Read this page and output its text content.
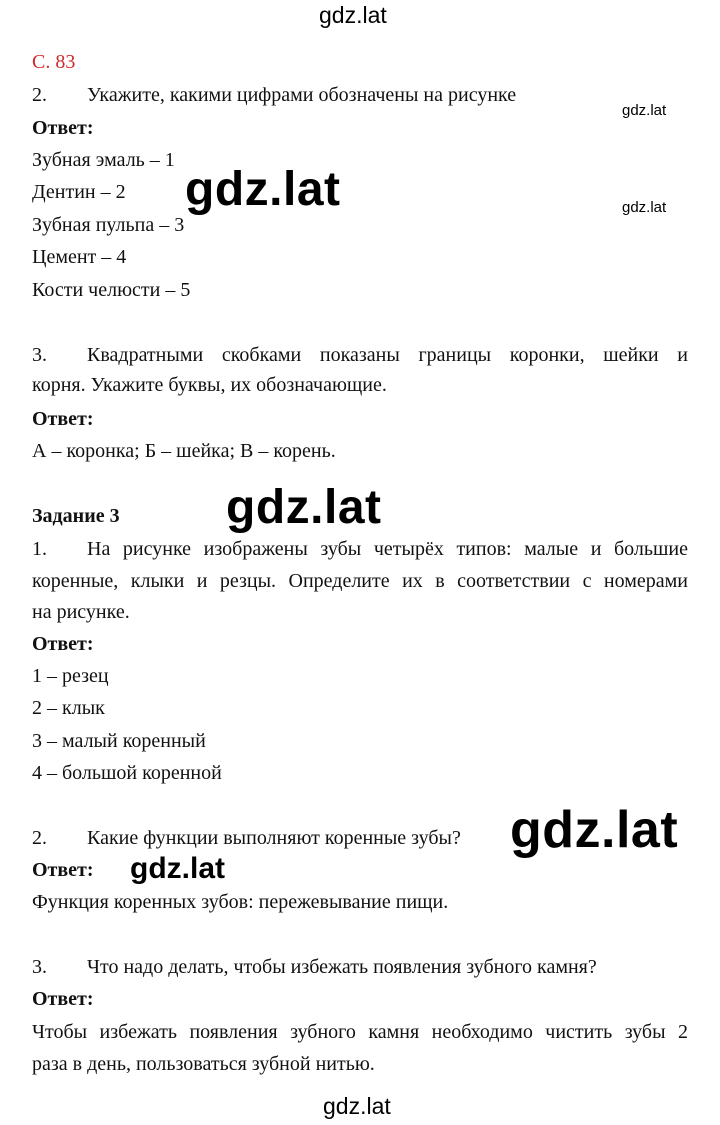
gdz.lat
С. 83
2. Укажите, какими цифрами обозначены на рисунке
gdz.lat
Ответ:
Зубная эмаль – 1
Дентин – 2
Зубная пульпа – 3
Цемент – 4
Кости челюсти – 5
gdz.lat	gdz.lat
3. Квадратными скобками показаны границы коронки, шейки и
корня. Укажите буквы, их обозначающие.
Ответ:
А – коронка; Б – шейка; В – корень.
Задание 3 gdz.lat
1. На рисунке изображены зубы четырёх типов: малые и большие
коренные, клыки и резцы. Определите их в соответствии с номерами
на рисунке.
Ответ:
1 – резец
2 – клык
3 – малый коренный
4 – большой коренной
2. Какие функции выполняют коренные зубы? gdz.lat
Ответ: gdz.lat
Функция коренных зубов: пережевывание пищи.
3. Что надо делать, чтобы избежать появления зубного камня?
Ответ:
Чтобы избежать появления зубного камня необходимо чистить зубы 2
раза в день, пользоваться зубной нитью.
gdz.lat
